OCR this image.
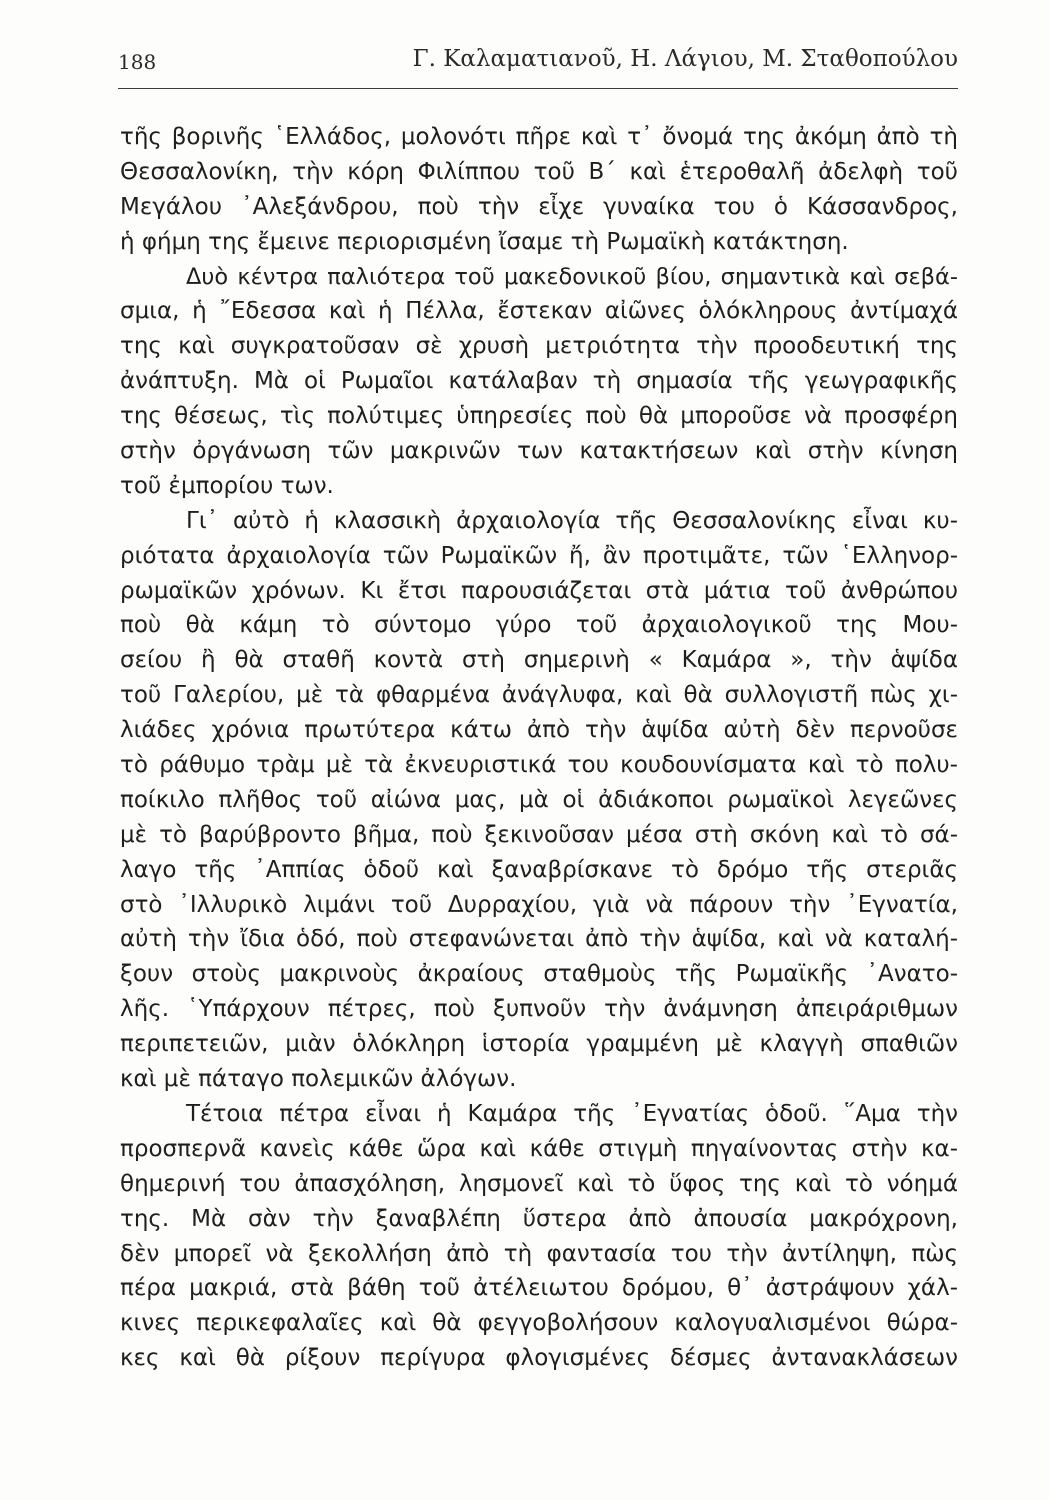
188	Γ. Καλαματιανοῦ, Η. Λάγιου, Μ. Σταθοπούλου
τῆς βορινῆς ῾Ελλάδος, μολονότι πῆρε καὶ τ᾽ ὄνομά της ἀκόμη ἀπὸ τὴ
Θεσσαλονίκη, τὴν κόρη Φιλίππου τοῦ Β΄ καὶ ἑτεροθαλῆ ἀδελφὴ τοῦ
Μεγάλου ᾽Αλεξάνδρου, ποὺ τὴν εἶχε γυναίκα του ὁ Κάσσανδρος,
ἡ φήμη της ἔμεινε περιορισμένη ἴσαμε τὴ Ρωμαϊκὴ κατάκτηση.
Δυὸ κέντρα παλιότερα τοῦ μακεδονικοῦ βίου, σημαντικὰ καὶ σεβά-
σμια, ἡ ῎Εδεσσα καὶ ἡ Πέλλα, ἔστεκαν αἰῶνες ὁλόκληρους ἀντίμαχά
της καὶ συγκρατοῦσαν σὲ χρυσὴ μετριότητα τὴν προοδευτική της
ἀνάπτυξη. Μὰ οἱ Ρωμαῖοι κατάλαβαν τὴ σημασία τῆς γεωγραφικῆς
της θέσεως, τὶς πολύτιμες ὑπηρεσίες ποὺ θὰ μποροῦσε νὰ προσφέρη
στὴν ὀργάνωση τῶν μακρινῶν των κατακτήσεων καὶ στὴν κίνηση
τοῦ ἐμπορίου των.
Γι᾽ αὐτὸ ἡ κλασσικὴ ἀρχαιολογία τῆς Θεσσαλονίκης εἶναι κυ-
ριότατα ἀρχαιολογία τῶν Ρωμαϊκῶν ἤ, ἂν προτιμᾶτε, τῶν ῾Ελληνορ-
ρωμαϊκῶν χρόνων. Κι ἔτσι παρουσιάζεται στὰ μάτια τοῦ ἀνθρώπου
ποὺ θὰ κάμη τὸ σύντομο γύρο τοῦ ἀρχαιολογικοῦ της Μου-
σείου ἢ θὰ σταθῆ κοντὰ στὴ σημερινὴ « Καμάρα », τὴν ἁψίδα
τοῦ Γαλερίου, μὲ τὰ φθαρμένα ἀνάγλυφα, καὶ θὰ συλλογιστῆ πὼς χι-
λιάδες χρόνια πρωτύτερα κάτω ἀπὸ τὴν ἁψίδα αὐτὴ δὲν περνοῦσε
τὸ ράθυμο τρὰμ μὲ τὰ ἐκνευριστικά του κουδουνίσματα καὶ τὸ πολυ-
ποίκιλο πλῆθος τοῦ αἰώνα μας, μὰ οἱ ἀδιάκοποι ρωμαϊκοὶ λεγεῶνες
μὲ τὸ βαρύβροντο βῆμα, ποὺ ξεκινοῦσαν μέσα στὴ σκόνη καὶ τὸ σά-
λαγο τῆς ᾽Αππίας ὁδοῦ καὶ ξαναβρίσκανε τὸ δρόμο τῆς στεριᾶς
στὸ ᾽Ιλλυρικὸ λιμάνι τοῦ Δυρραχίου, γιὰ νὰ πάρουν τὴν ᾽Εγνατία,
αὐτὴ τὴν ἴδια ὁδό, ποὺ στεφανώνεται ἀπὸ τὴν ἁψίδα, καὶ νὰ καταλή-
ξουν στοὺς μακρινοὺς ἀκραίους σταθμοὺς τῆς Ρωμαϊκῆς ᾽Ανατο-
λῆς. ῾Υπάρχουν πέτρες, ποὺ ξυπνοῦν τὴν ἀνάμνηση ἀπειράριθμων
περιπετειῶν, μιὰν ὁλόκληρη ἱστορία γραμμένη μὲ κλαγγὴ σπαθιῶν
καὶ μὲ πάταγο πολεμικῶν ἀλόγων.
Τέτοια πέτρα εἶναι ἡ Καμάρα τῆς ᾽Εγνατίας ὁδοῦ. ῞Αμα τὴν
προσπερνᾶ κανεὶς κάθε ὥρα καὶ κάθε στιγμὴ πηγαίνοντας στὴν κα-
θημερινή του ἀπασχόληση, λησμονεῖ καὶ τὸ ὕφος της καὶ τὸ νόημά
της. Μὰ σὰν τὴν ξαναβλέπη ὕστερα ἀπὸ ἀπουσία μακρόχρονη,
δὲν μπορεῖ νὰ ξεκολλήση ἀπὸ τὴ φαντασία του τὴν ἀντίληψη, πὼς
πέρα μακριά, στὰ βάθη τοῦ ἀτέλειωτου δρόμου, θ᾽ ἀστράψουν χάλ-
κινες περικεφαλαῖες καὶ θὰ φεγγοβολήσουν καλογυαλισμένοι θώρα-
κες καὶ θὰ ρίξουν περίγυρα φλογισμένες δέσμες ἀντανακλάσεων
